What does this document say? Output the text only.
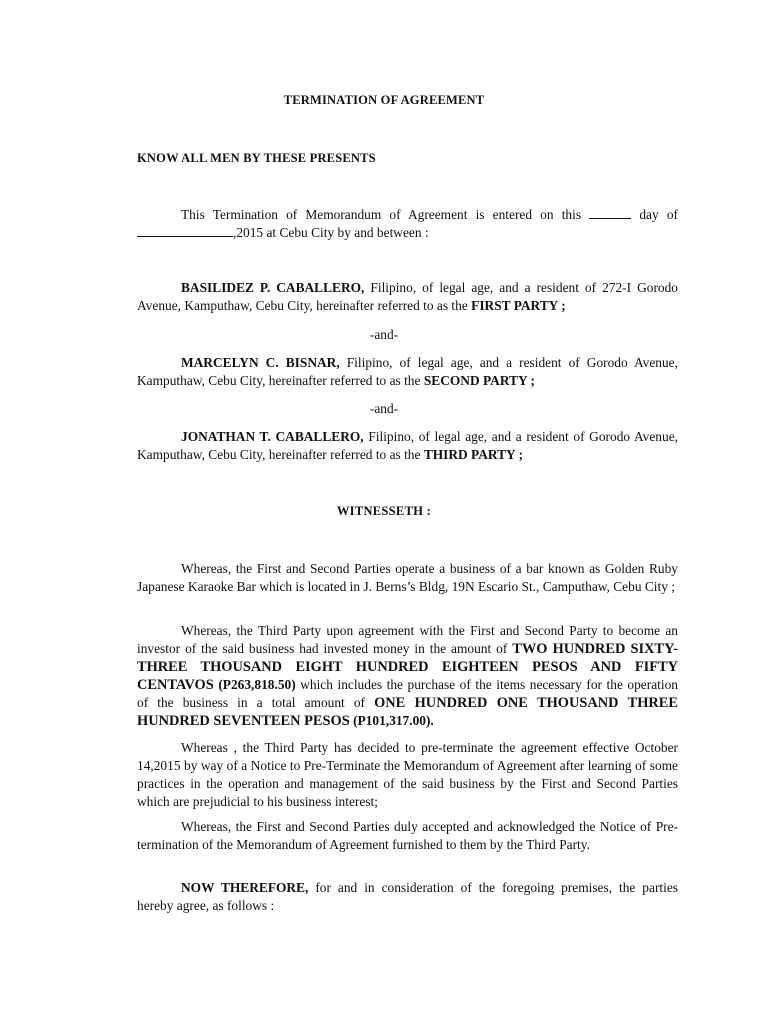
TERMINATION OF AGREEMENT

KNOW ALL MEN BY THESE PRESENTS

This Termination of Memorandum of Agreement is entered on this	day of ,2015 at Cebu City by and between :

BASILIDEZ P. CABALLERO, Filipino, of legal age, and a resident of 272-I Gorodo Avenue, Kamputhaw, Cebu City, hereinafter referred to as the FIRST PARTY ;

-and-

MARCELYN C. BISNAR, Filipino, of legal age, and a resident of Gorodo Avenue, Kamputhaw, Cebu City, hereinafter referred to as the SECOND PARTY ;

-and-

JONATHAN T. CABALLERO, Filipino, of legal age, and a resident of Gorodo Avenue, Kamputhaw, Cebu City, hereinafter referred to as the THIRD PARTY ;

WITNESSETH :

Whereas, the First and Second Parties operate a business of a bar known as Golden Ruby Japanese Karaoke Bar which is located in J. Berns’s Bldg, 19N Escario St., Camputhaw, Cebu City ;

Whereas, the Third Party upon agreement with the First and Second Party to become an investor of the said business had invested money in the amount of TWO HUNDRED SIXTY-THREE THOUSAND EIGHT HUNDRED EIGHTEEN PESOS AND FIFTY CENTAVOS (P263,818.50) which includes the purchase of the items necessary for the operation of the business in a total amount of ONE HUNDRED ONE THOUSAND THREE HUNDRED SEVENTEEN PESOS (P101,317.00).

Whereas , the Third Party has decided to pre-terminate the agreement effective October 14,2015 by way of a Notice to Pre-Terminate the Memorandum of Agreement after learning of some practices in the operation and management of the said business by the First and Second Parties which are prejudicial to his business interest;

Whereas, the First and Second Parties duly accepted and acknowledged the Notice of Pre-termination of the Memorandum of Agreement furnished to them by the Third Party.

NOW THEREFORE, for and in consideration of the foregoing premises, the parties hereby agree, as follows :
